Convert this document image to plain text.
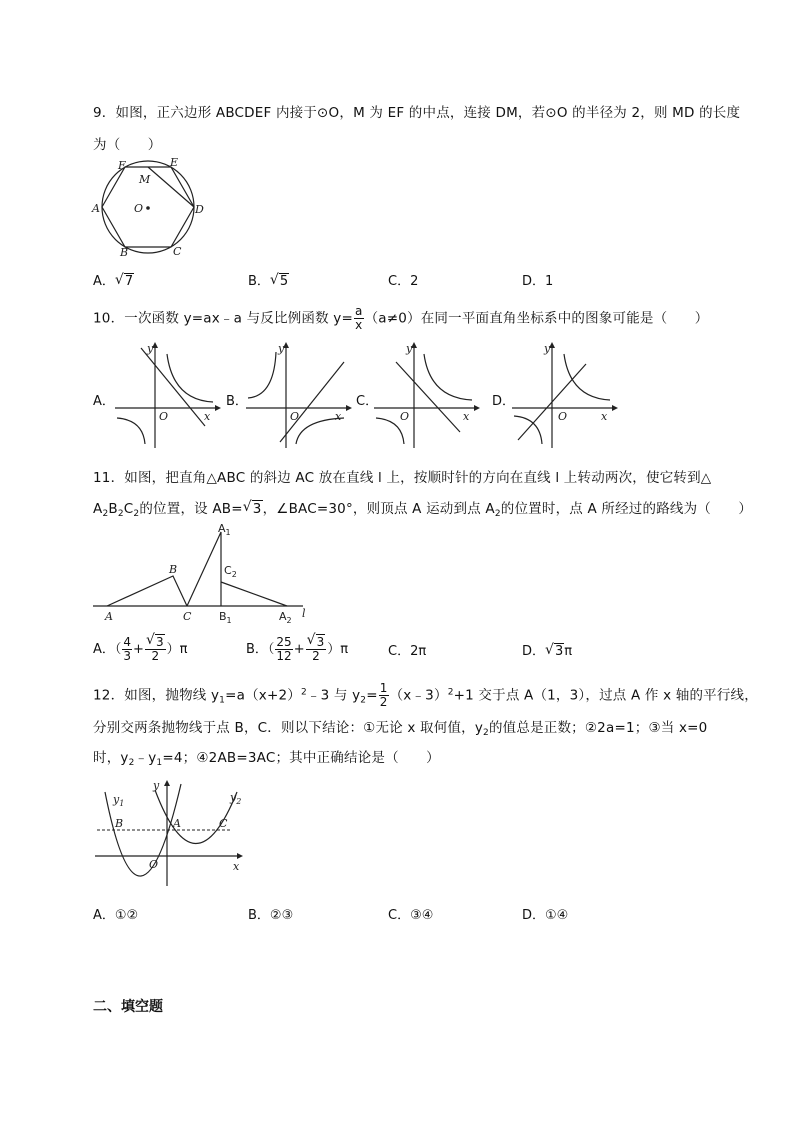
9．如图，正六边形 ABCDEF 内接于⊙O，M 为 EF 的中点，连接 DM，若⊙O 的半径为 2，则 MD 的长度
为（　　）
F	E
M
A	O	D
B	C
A． √ 7	B． √ 5	C．2	D．1
10．一次函数 y=ax﹣a 与反比例函数 $y= \frac{a}{x} (a\ne 0)$在同一平面直角坐标系中的图象可能是（　　）
A．
y
x
O
B．
y
x
O
C．
y
x
O
D．
y
x
O
11．如图，把直角△ABC 的斜边 AC 放在直线 l 上，按顺时针的方向在直线 l 上转动两次，使它转到△
$A_2B_2C_2$的位置，设 AB= √ 3，∠BAC=30°，则顶点 A 运动到点 $A_2$的位置时，点 A 所经过的路线为（　　）
A
B
C	l
$A_1$
$C_2$
$B_1$	$A_2$
A．（ $\frac{4}{3}$ + √ $\frac{3}{2} )\pi$	B．（ $\frac{25}{12}$ + √ $\frac{3}{2} )\pi$	C．2π	D． √ 3π
12．如图，抛物线 $y_1=a(x+2)^2﹣3$ 与 $y_2= \frac{1}{2}$ （x﹣3）$^2$+1 交于点 A（1，3），过点 A 作 x 轴的平行线，
分别交两条抛物线于点 B，C．则以下结论：①无论 x 取何值，$y_2$的值总是正数；②2a=1；③当 x=0
时，$y_2﹣y_1=4$；④2AB=3AC；其中正确结论是（　　）
$y_1$
y
$y_2$
B	A	C
O	x
A．①②	B．②③	C．③④	D．①④
二、填空题
